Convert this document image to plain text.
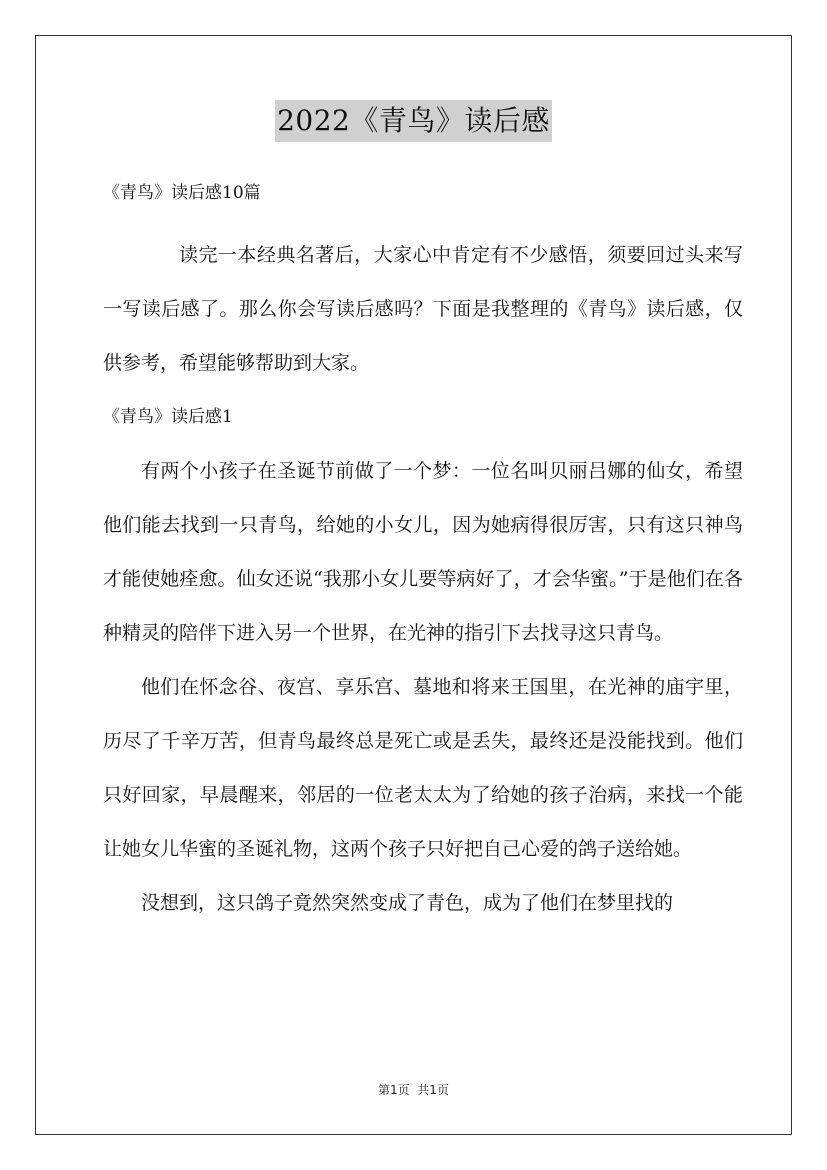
2022《青鸟》读后感

《青鸟》读后感10篇

读完一本经典名著后，大家心中肯定有不少感悟，须要回过头来写一写读后感了。那么你会写读后感吗？下面是我整理的《青鸟》读后感，仅供参考，希望能够帮助到大家。

《青鸟》读后感1

有两个小孩子在圣诞节前做了一个梦：一位名叫贝丽吕娜的仙女，希望他们能去找到一只青鸟，给她的小女儿，因为她病得很厉害，只有这只神鸟才能使她痊愈。仙女还说“我那小女儿要等病好了，才会华蜜。”于是他们在各种精灵的陪伴下进入另一个世界，在光神的指引下去找寻这只青鸟。

他们在怀念谷、夜宫、享乐宫、墓地和将来王国里，在光神的庙宇里，历尽了千辛万苦，但青鸟最终总是死亡或是丢失，最终还是没能找到。他们只好回家，早晨醒来，邻居的一位老太太为了给她的孩子治病，来找一个能让她女儿华蜜的圣诞礼物，这两个孩子只好把自己心爱的鸽子送给她。

没想到，这只鸽子竟然突然变成了青色，成为了他们在梦里找的

第1页  共1页
